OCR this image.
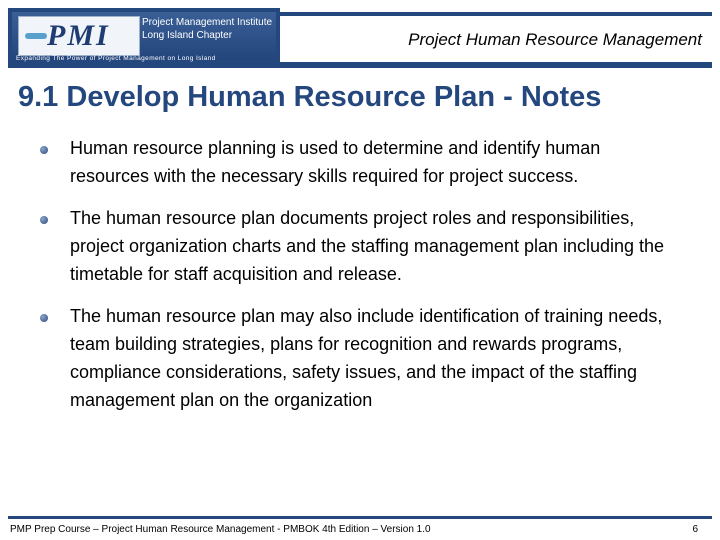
PMI	Project Management Institute
Long Island Chapter
Expanding The Power of Project Management on Long Island
Project Human Resource Management
9.1 Develop Human Resource Plan - Notes
Human resource planning is used to determine and identify human resources with the necessary skills required for project success.
The human resource plan documents project roles and responsibilities, project organization charts and the staffing management plan including the timetable for staff acquisition and release.
The human resource plan may also include identification of training needs, team building strategies, plans for recognition and rewards programs, compliance considerations, safety issues, and the impact of the staffing management plan on the organization
PMP Prep Course – Project Human Resource Management - PMBOK 4th Edition – Version 1.0	6
